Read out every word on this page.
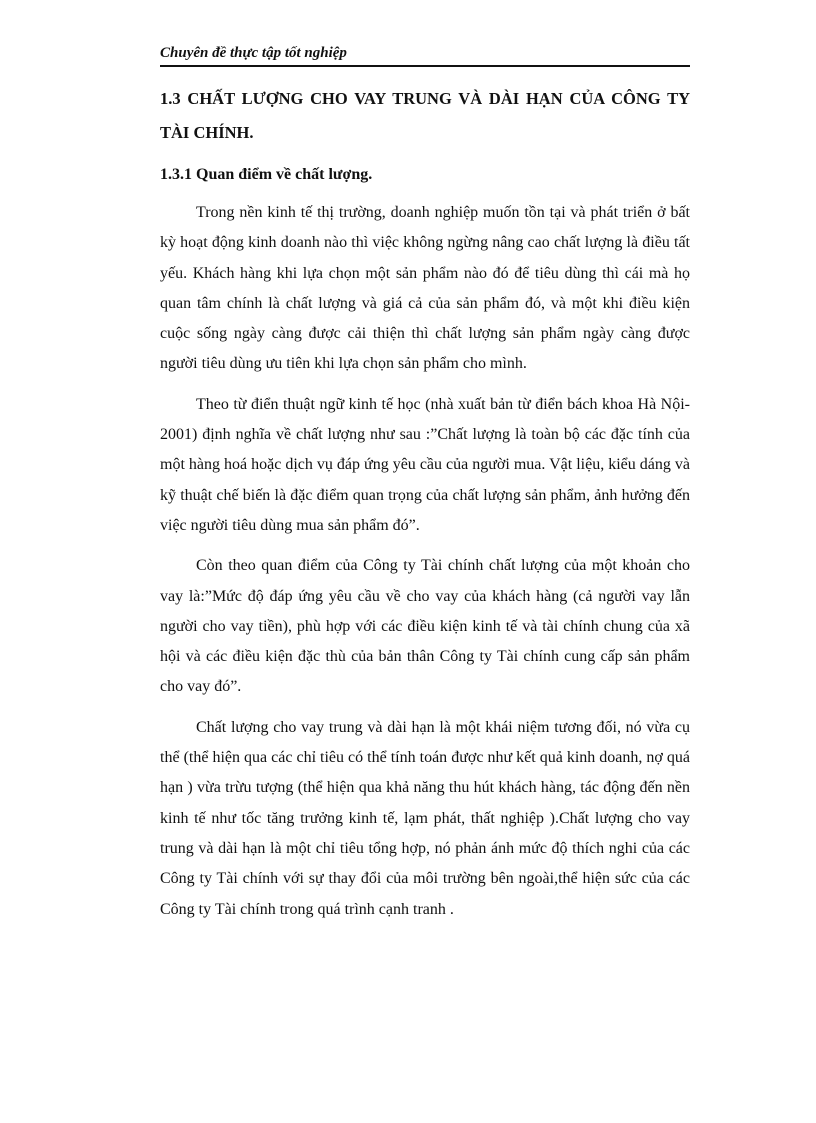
Chuyên đề thực tập tốt nghiệp
1.3 CHẤT LƯỢNG CHO VAY TRUNG VÀ DÀI HẠN CỦA CÔNG TY TÀI CHÍNH.
1.3.1 Quan điểm về chất lượng.

Trong nền kinh tế thị trường, doanh nghiệp muốn tồn tại và phát triển ở bất kỳ hoạt động kinh doanh nào thì việc không ngừng nâng cao chất lượng là điều tất yếu. Khách hàng khi lựa chọn một sản phẩm nào đó để tiêu dùng thì cái mà họ quan tâm chính là chất lượng và giá cả của sản phẩm đó, và một khi điều kiện cuộc sống ngày càng được cải thiện thì chất lượng sản phẩm ngày càng được người tiêu dùng ưu tiên khi lựa chọn sản phẩm cho mình.

Theo từ điển thuật ngữ kinh tế học (nhà xuất bản từ điển bách khoa Hà Nội- 2001) định nghĩa về chất lượng như sau :”Chất lượng là toàn bộ các đặc tính của một hàng hoá hoặc dịch vụ đáp ứng yêu cầu của người mua. Vật liệu, kiểu dáng và kỹ thuật chế biến là đặc điểm quan trọng của chất lượng sản phẩm, ảnh hưởng đến việc người tiêu dùng mua sản phẩm đó”.

Còn theo quan điểm của Công ty Tài chính chất lượng của một khoản cho vay là:”Mức độ đáp ứng yêu cầu về cho vay của khách hàng (cả người vay lẫn người cho vay tiền), phù hợp với các điều kiện kinh tế và tài chính chung của xã hội và các điều kiện đặc thù của bản thân Công ty Tài chính cung cấp sản phẩm cho vay đó”.

Chất lượng cho vay trung và dài hạn là một khái niệm tương đối, nó vừa cụ thể (thể hiện qua các chỉ tiêu có thể tính toán được như kết quả kinh doanh, nợ quá hạn ) vừa trừu tượng (thể hiện qua khả năng thu hút khách hàng, tác động đến nền kinh tế như tốc tăng trưởng kinh tế, lạm phát, thất nghiệp ).Chất lượng cho vay trung và dài hạn là một chỉ tiêu tổng hợp, nó phản ánh mức độ thích nghi của các Công ty Tài chính với sự thay đổi của môi trường bên ngoài,thể hiện sức của các Công ty Tài chính trong quá trình cạnh tranh .
